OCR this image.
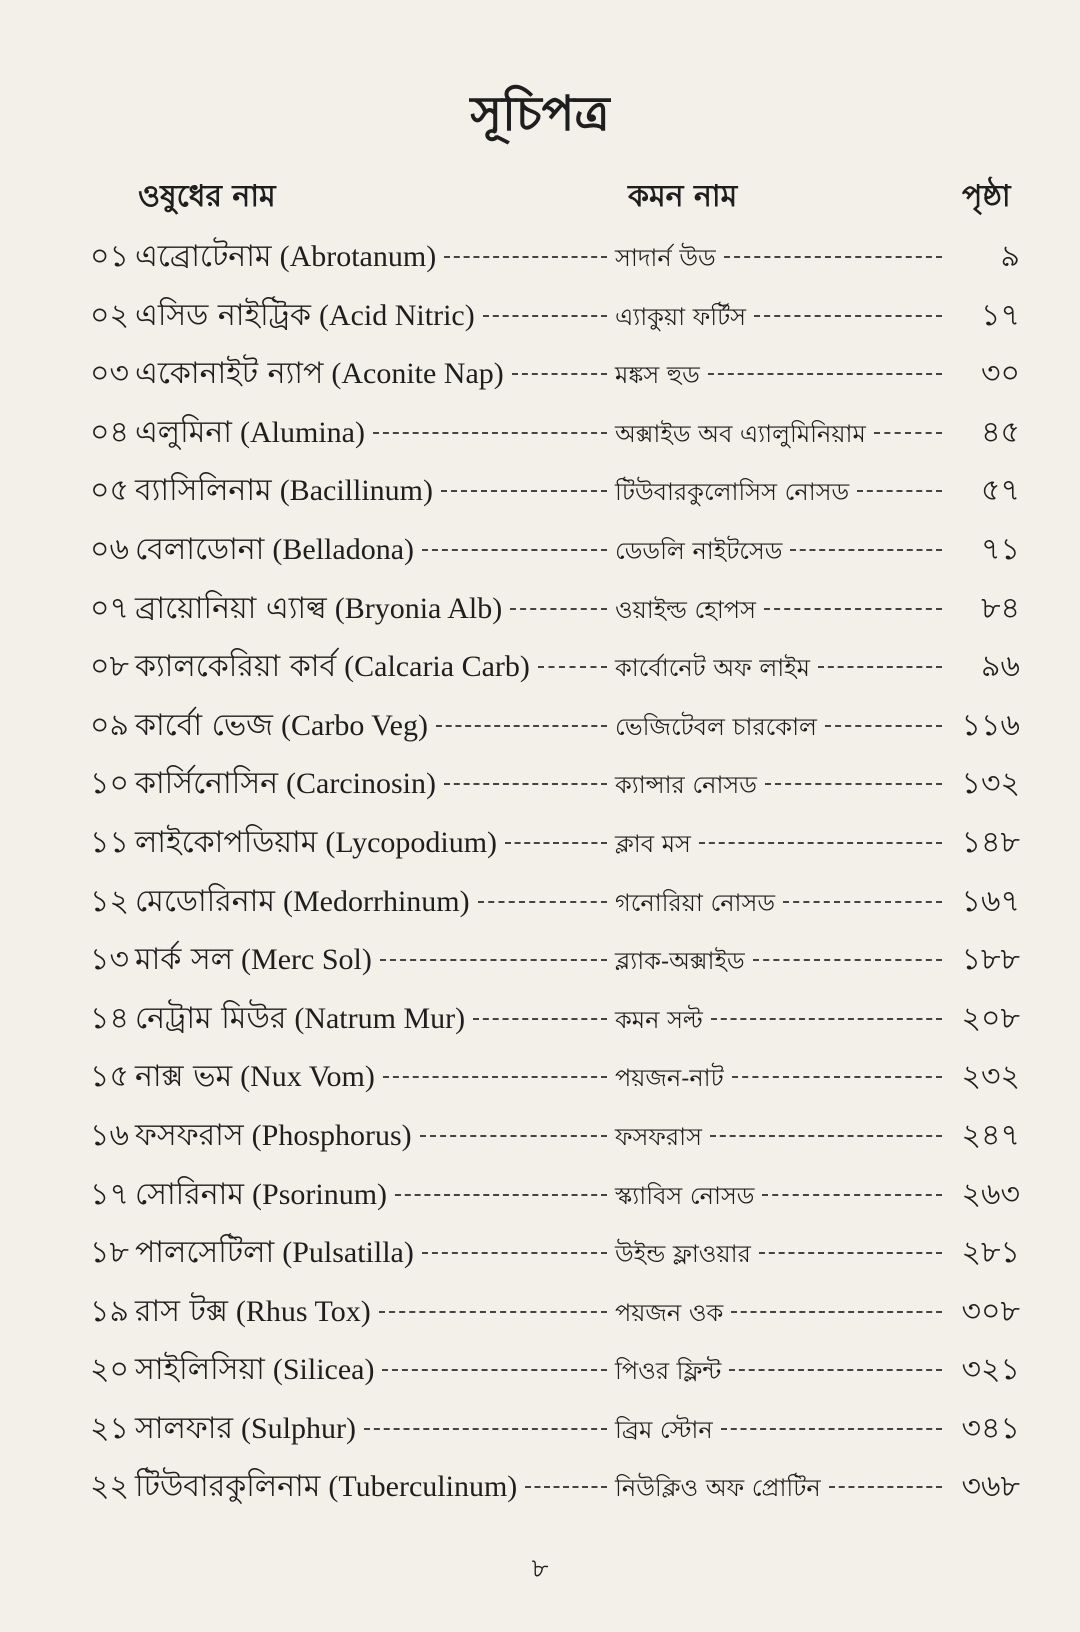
সূচিপত্র
ওষুধের নাম	কমন নাম	পৃষ্ঠা
০১ এব্রোটেনাম (Abrotanum)	সাদার্ন উড	৯
০২ এসিড নাইট্রিক (Acid Nitric)	এ্যাকুয়া ফর্টিস	১৭
০৩ একোনাইট ন্যাপ (Aconite Nap)	মঙ্কস হুড	৩০
০৪ এলুমিনা (Alumina)	অক্সাইড অব এ্যালুমিনিয়াম	৪৫
০৫ ব্যাসিলিনাম (Bacillinum)	টিউবারকুলোসিস নোসড	৫৭
০৬ বেলাডোনা (Belladona)	ডেডলি নাইটসেড	৭১
০৭ ব্রায়োনিয়া এ্যাল্ব (Bryonia Alb)	ওয়াইল্ড হোপস	৮৪
০৮ ক্যালকেরিয়া কার্ব (Calcaria Carb)	কার্বোনেট অফ লাইম	৯৬
০৯ কার্বো ভেজ (Carbo Veg)	ভেজিটেবল চারকোল	১১৬
১০ কার্সিনোসিন (Carcinosin)	ক্যান্সার নোসড	১৩২
১১ লাইকোপডিয়াম (Lycopodium)	ক্লাব মস	১৪৮
১২ মেডোরিনাম (Medorrhinum)	গনোরিয়া নোসড	১৬৭
১৩ মার্ক সল (Merc Sol)	ব্ল্যাক-অক্সাইড	১৮৮
১৪ নেট্রাম মিউর (Natrum Mur)	কমন সল্ট	২০৮
১৫ নাক্স ভম (Nux Vom)	পয়জন-নাট	২৩২
১৬ ফসফরাস (Phosphorus)	ফসফরাস	২৪৭
১৭ সোরিনাম (Psorinum)	স্ক্যাবিস নোসড	২৬৩
১৮ পালসেটিলা (Pulsatilla)	উইন্ড ফ্লাওয়ার	২৮১
১৯ রাস টক্স (Rhus Tox)	পয়জন ওক	৩০৮
২০ সাইলিসিয়া (Silicea)	পিওর ফ্লিন্ট	৩২১
২১ সালফার (Sulphur)	ব্রিম স্টোন	৩৪১
২২ টিউবারকুলিনাম (Tuberculinum)	নিউক্লিও অফ প্রোটিন	৩৬৮
৮
